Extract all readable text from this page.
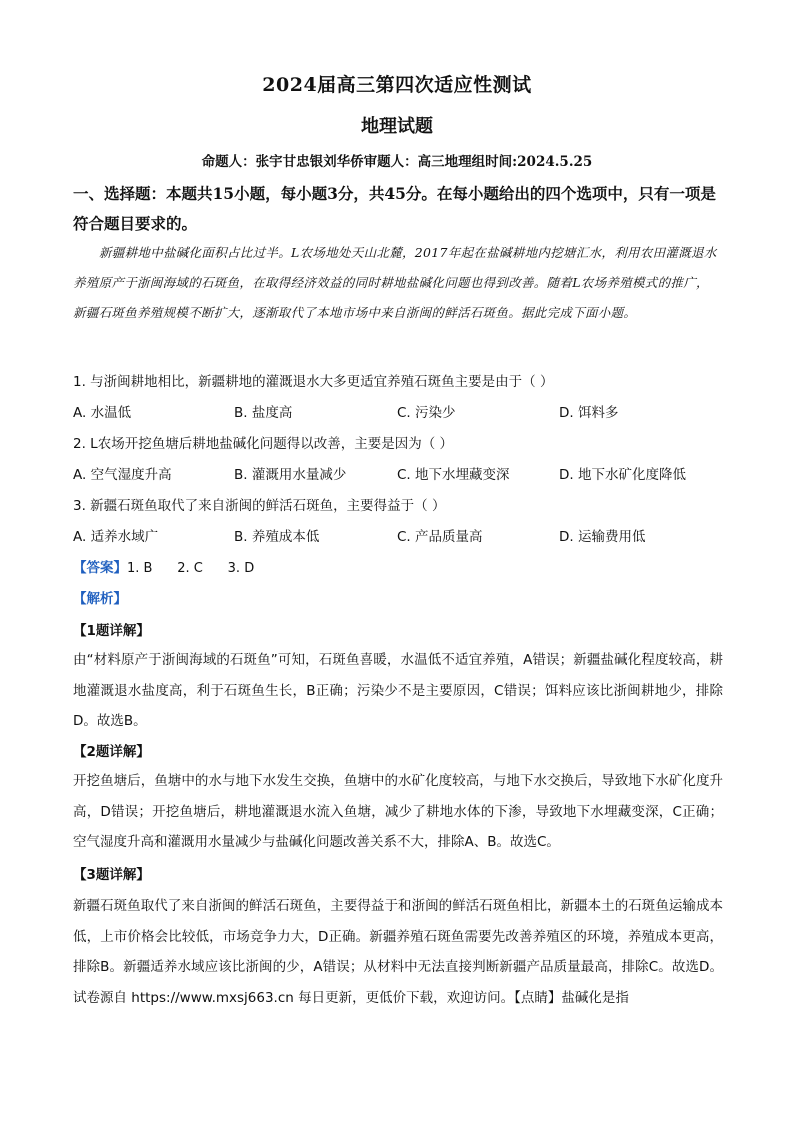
2024届高三第四次适应性测试
地理试题
命题人：张宇甘忠银刘华侨审题人：高三地理组时间:2024.5.25
一、选择题：本题共15小题，每小题3分，共45分。在每小题给出的四个选项中，只有一项是符合题目要求的。
新疆耕地中盐碱化面积占比过半。L农场地处天山北麓，2017年起在盐碱耕地内挖塘汇水，利用农田灌溉退水养殖原产于浙闽海域的石斑鱼，在取得经济效益的同时耕地盐碱化问题也得到改善。随着L农场养殖模式的推广，新疆石斑鱼养殖规模不断扩大，逐渐取代了本地市场中来自浙闽的鲜活石斑鱼。据此完成下面小题。
1. 与浙闽耕地相比，新疆耕地的灌溉退水大多更适宜养殖石斑鱼主要是由于（ ）
A. 水温低	B. 盐度高	C. 污染少	D. 饵料多
2. L农场开挖鱼塘后耕地盐碱化问题得以改善，主要是因为（ ）
A. 空气湿度升高	B. 灌溉用水量减少	C. 地下水埋藏变深	D. 地下水矿化度降低
3. 新疆石斑鱼取代了来自浙闽的鲜活石斑鱼，主要得益于（ ）
A. 适养水域广	B. 养殖成本低	C. 产品质量高	D. 运输费用低
【答案】1. B      2. C      3. D
【解析】
【1题详解】
由“材料原产于浙闽海域的石斑鱼”可知，石斑鱼喜暖，水温低不适宜养殖，A错误；新疆盐碱化程度较高，耕地灌溉退水盐度高，利于石斑鱼生长，B正确；污染少不是主要原因，C错误；饵料应该比浙闽耕地少，排除D。故选B。
【2题详解】
开挖鱼塘后，鱼塘中的水与地下水发生交换，鱼塘中的水矿化度较高，与地下水交换后，导致地下水矿化度升高，D错误；开挖鱼塘后，耕地灌溉退水流入鱼塘，减少了耕地水体的下渗，导致地下水埋藏变深，C正确；空气湿度升高和灌溉用水量减少与盐碱化问题改善关系不大，排除A、B。故选C。
【3题详解】
新疆石斑鱼取代了来自浙闽的鲜活石斑鱼，主要得益于和浙闽的鲜活石斑鱼相比，新疆本土的石斑鱼运输成本低，上市价格会比较低，市场竞争力大，D正确。新疆养殖石斑鱼需要先改善养殖区的环境，养殖成本更高，排除B。新疆适养水域应该比浙闽的少，A错误；从材料中无法直接判断新疆产品质量最高，排除C。故选D。试卷源自 https://www.mxsj663.cn 每日更新，更低价下载，欢迎访问。【点睛】盐碱化是指
